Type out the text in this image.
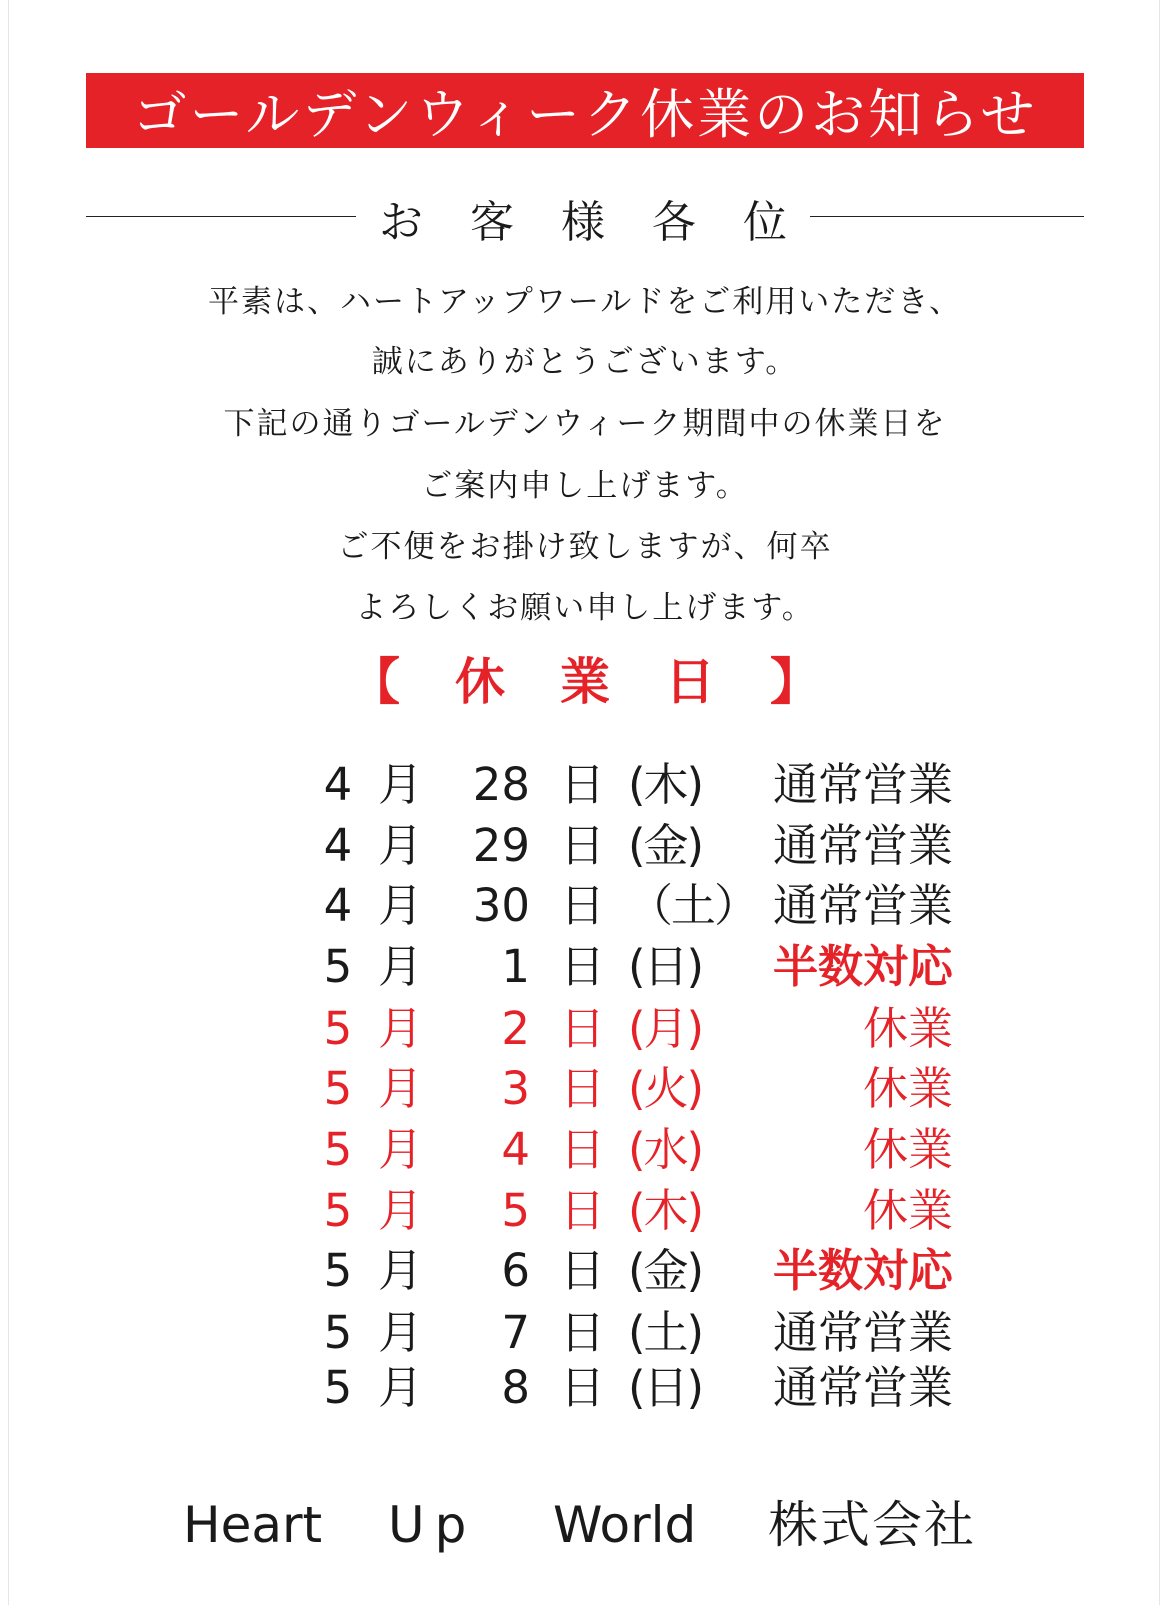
ゴールデンウィーク休業のお知らせ
お客様各位
平素は、ハートアップワールドをご利用いただき、
誠にありがとうございます。
下記の通りゴールデンウィーク期間中の休業日を
ご案内申し上げます。
ご不便をお掛け致しますが、何卒
よろしくお願い申し上げます。
【 休 業 日 】
4 月	28 日 (木)	通常営業
4 月	29 日 (金)	通常営業
4 月	30 日 （土） 通常営業
5 月	1 日 (日)	半数対応
5 月	2 日 (月)	休業
5 月	3 日 (火)	休業
5 月	4 日 (水)	休業
5 月	5 日 (木)	休業
5 月	6 日 (金)	半数対応
5 月	7 日 (土)	通常営業
5 月	8 日 (日)	通常営業
Heart Up World 株式会社
